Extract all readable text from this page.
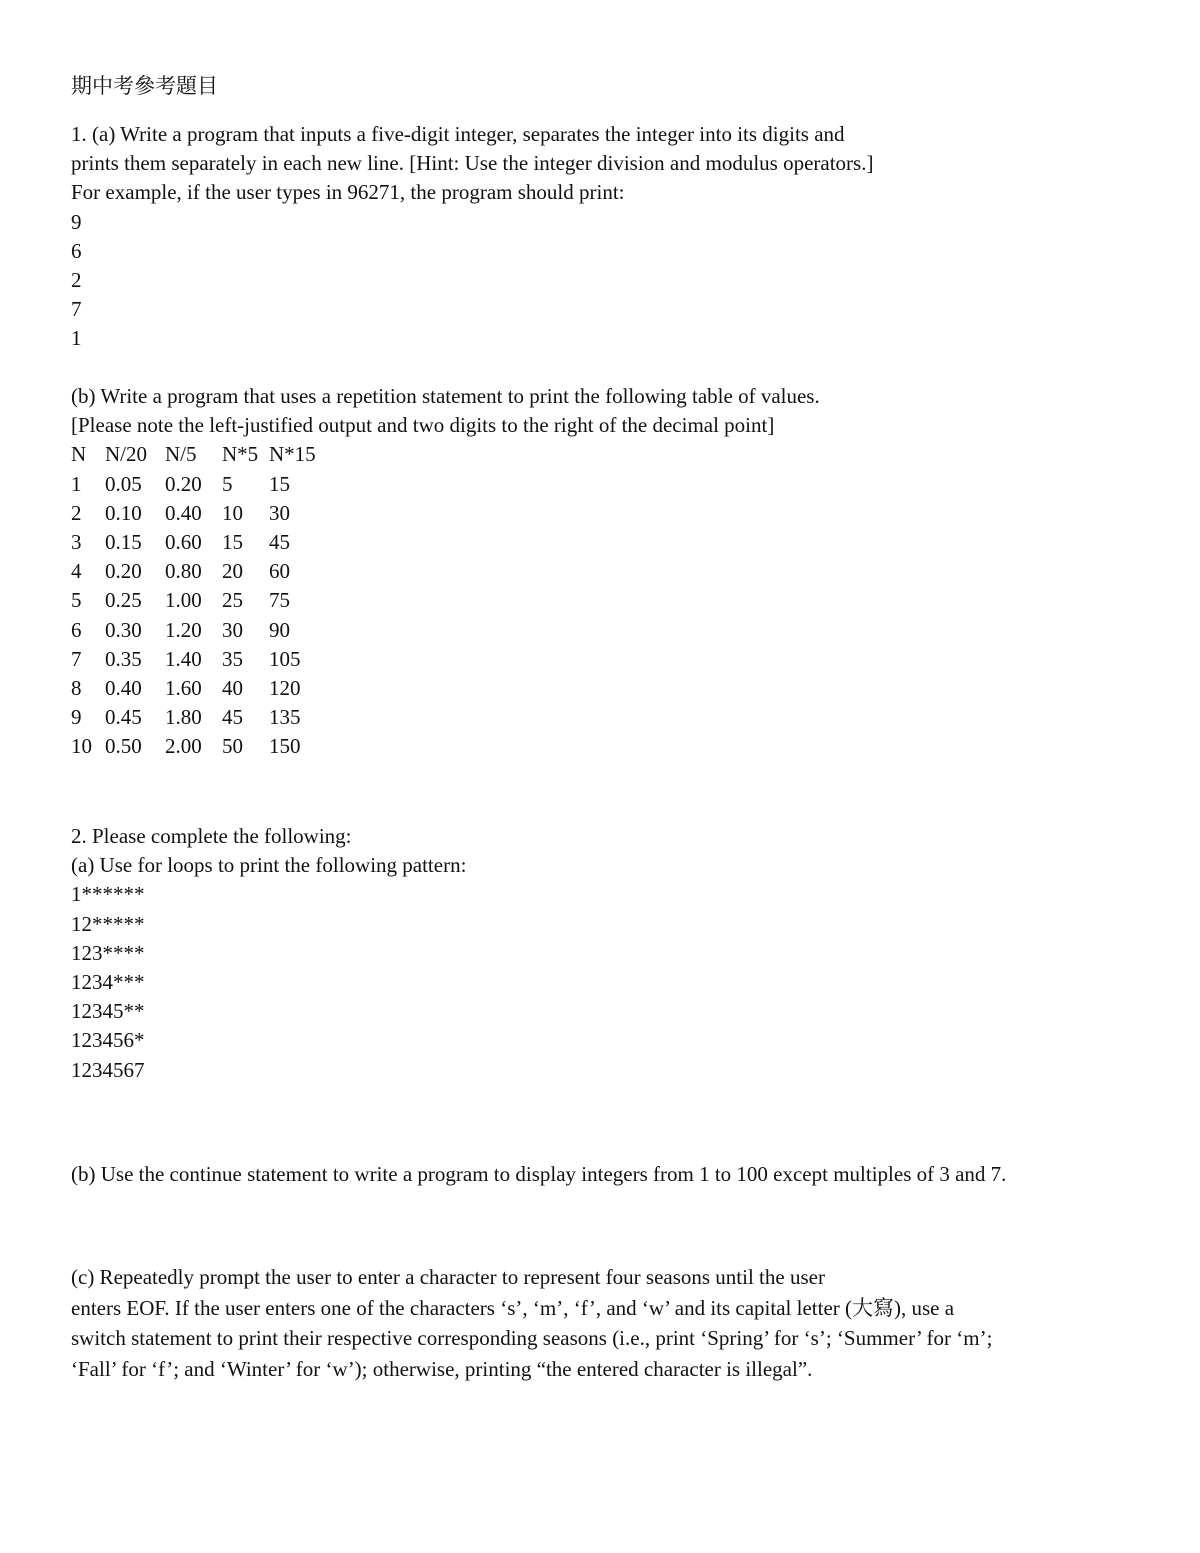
期中考參考題目
1. (a) Write a program that inputs a five-digit integer, separates the integer into its digits and
prints them separately in each new line. [Hint: Use the integer division and modulus operators.]
For example, if the user types in 96271, the program should print:
9
6
2
7
1
(b) Write a program that uses a repetition statement to print the following table of values.
[Please note the left-justified output and two digits to the right of the decimal point]
N	N/20	N/5	N*5	N*15
1	0.05	0.20	5	15
2	0.10	0.40	10	30
3	0.15	0.60	15	45
4	0.20	0.80	20	60
5	0.25	1.00	25	75
6	0.30	1.20	30	90
7	0.35	1.40	35	105
8	0.40	1.60	40	120
9	0.45	1.80	45	135
10	0.50	2.00	50	150
2. Please complete the following:
(a) Use for loops to print the following pattern:
1******
12*****
123****
1234***
12345**
123456*
1234567
(b) Use the continue statement to write a program to display integers from 1 to 100 except multiples of 3 and 7.
(c) Repeatedly prompt the user to enter a character to represent four seasons until the user
enters EOF. If the user enters one of the characters ‘s’, ‘m’, ‘f’, and ‘w’ and its capital letter (大寫), use a
switch statement to print their respective corresponding seasons (i.e., print ‘Spring’ for ‘s’; ‘Summer’ for ‘m’;
‘Fall’ for ‘f’; and ‘Winter’ for ‘w’); otherwise, printing “the entered character is illegal”.
